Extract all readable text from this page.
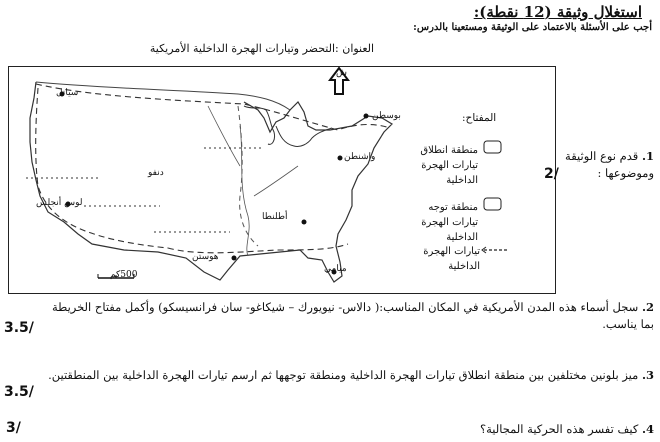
استغلال وثيقة (12 نقطة):
أجب على الأسئلة بالاعتماد على الوثيقة ومستعينا بالدرس:
العنوان :التحضر وتيارات الهجرة الداخلية الأمريكية
سياتل
بوسطن
واشنطن
دنفو
لوس أنجلس
أطلنطا
هوستن
ميامي
ش
500كم
المفتاح:
منطقة انطلاق تيارات الهجرة الداخلية
منطقة توجه تيارات الهجرة الداخلية
تيارات الهجرة الداخلية
1. قدم نوع الوثيقة وموضوعها :
2/
2. سجل أسماء هذه المدن الأمريكية في المكان المناسب:( دالاس- نيويورك – شيكاغو- سان فرانسيسكو) وأكمل مفتاح الخريطة بما يناسب.
3.5/
3. ميز بلونين مختلفين بين منطقة انطلاق تيارات الهجرة الداخلية ومنطقة توجهها ثم ارسم تيارات الهجرة الداخلية بين المنطقتين.
3.5/
4. كيف تفسر هذه الحركية المجالية؟
3/
